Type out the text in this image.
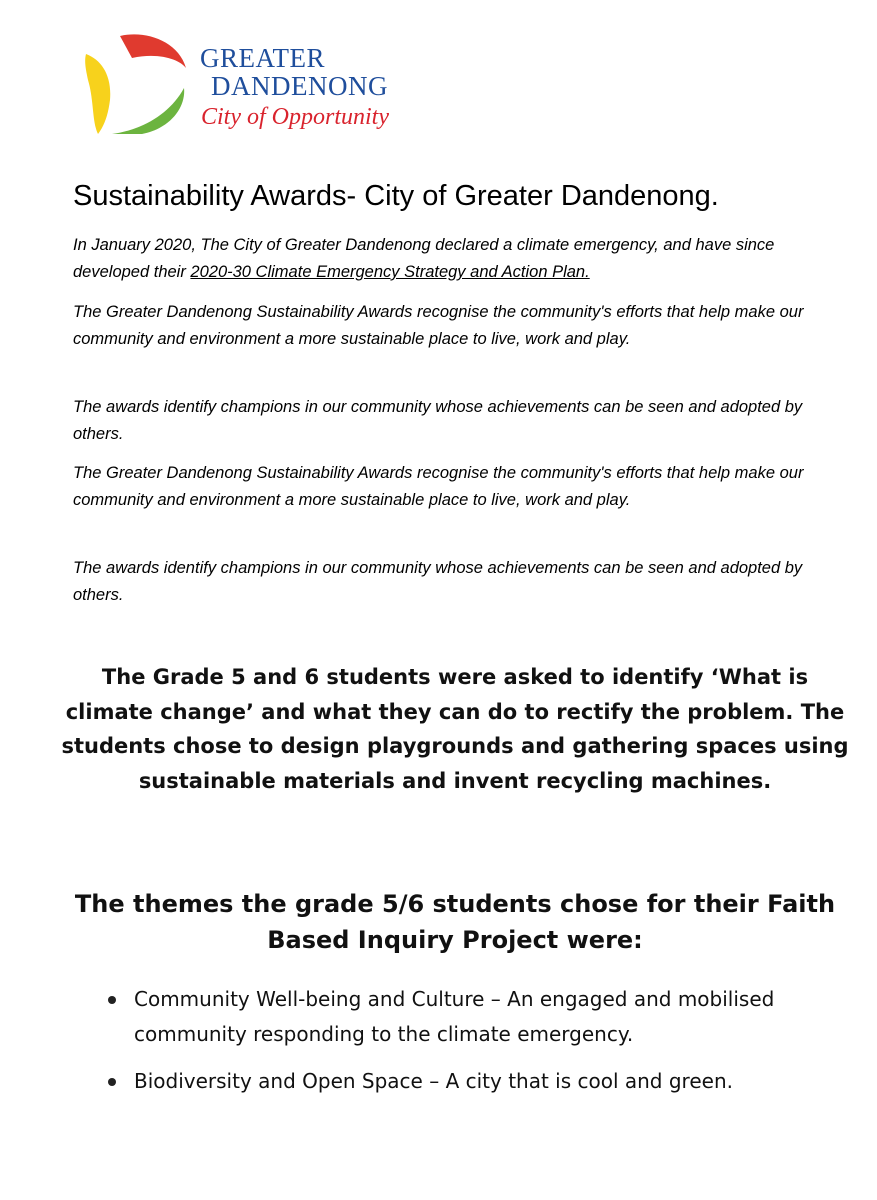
GREATER
DANDENONG
City of Opportunity
Sustainability Awards- City of Greater Dandenong.

In January 2020, The City of Greater Dandenong declared a climate emergency, and have since developed their 2020-30 Climate Emergency Strategy and Action Plan.

The Greater Dandenong Sustainability Awards recognise the community's efforts that help make our community and environment a more sustainable place to live, work and play.

The awards identify champions in our community whose achievements can be seen and adopted by others.

The Greater Dandenong Sustainability Awards recognise the community's efforts that help make our community and environment a more sustainable place to live, work and play.

The awards identify champions in our community whose achievements can be seen and adopted by others.

The Grade 5 and 6 students were asked to identify ‘What is climate change’ and what they can do to rectify the problem. The students chose to design playgrounds and gathering spaces using sustainable materials and invent recycling machines.

The themes the grade 5/6 students chose for their Faith Based Inquiry Project were:
Community Well-being and Culture – An engaged and mobilised community responding to the climate emergency.
Biodiversity and Open Space – A city that is cool and green.
